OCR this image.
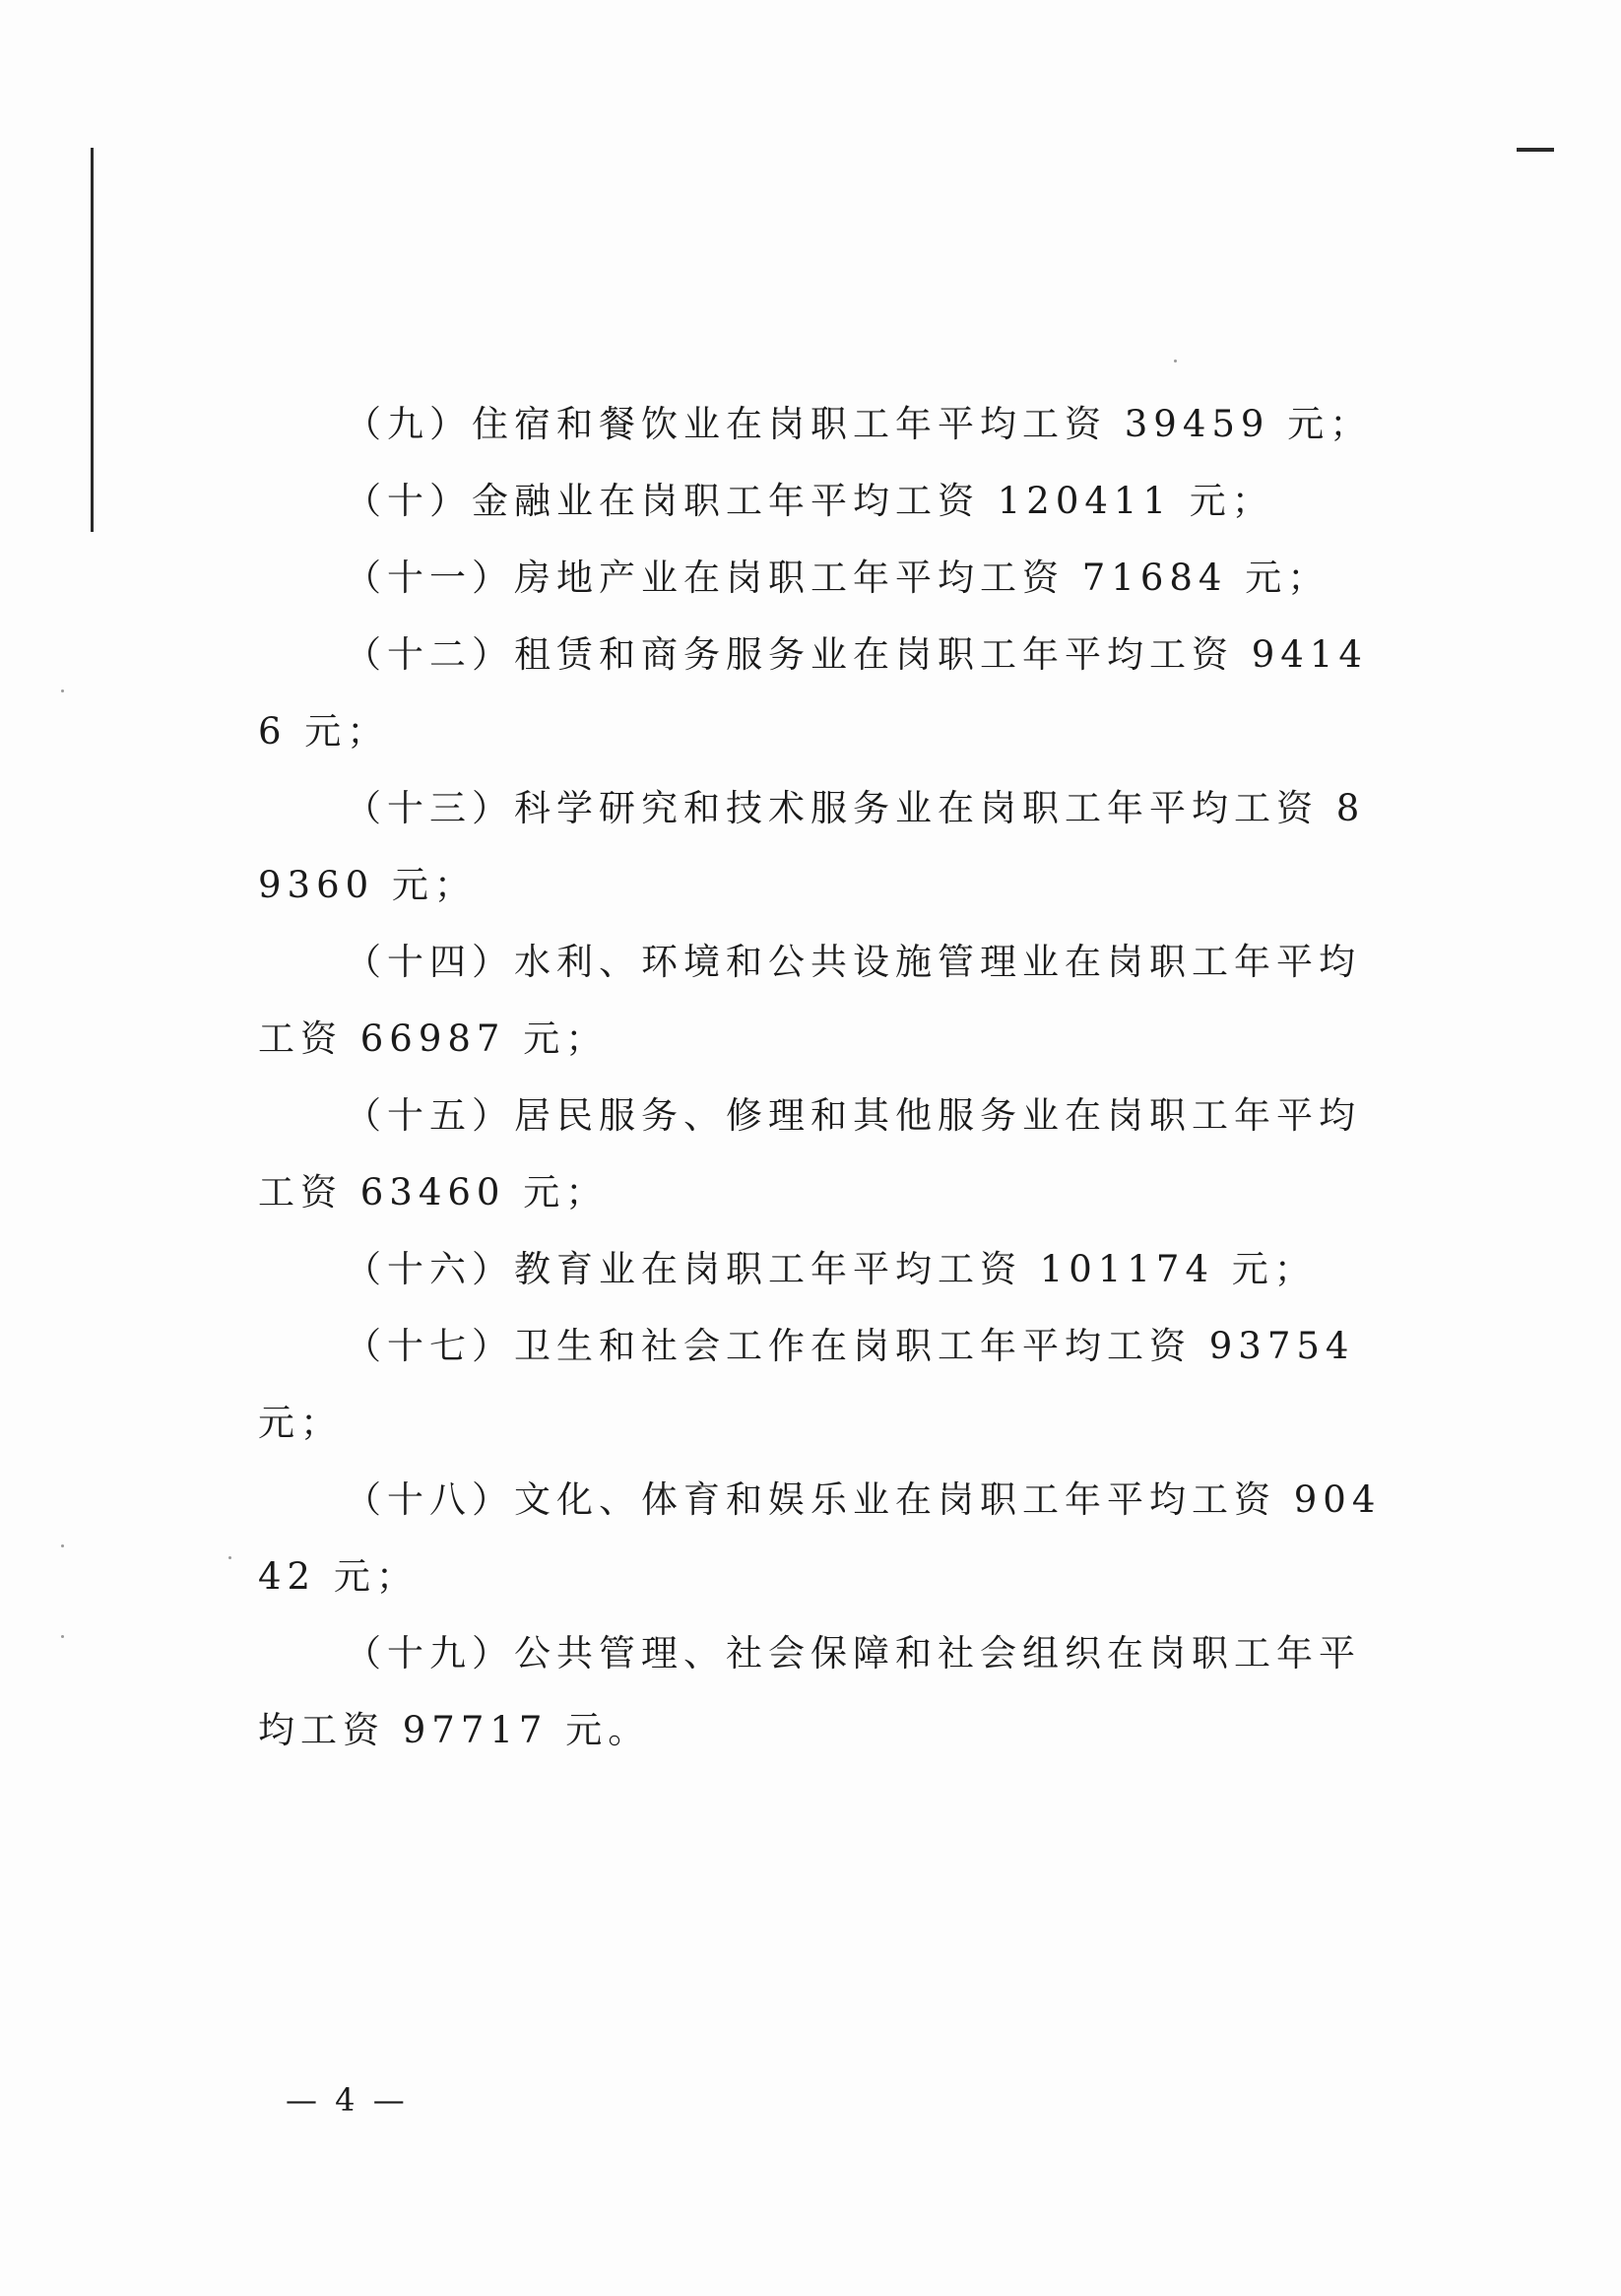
（九）住宿和餐饮业在岗职工年平均工资 39459 元；

（十）金融业在岗职工年平均工资 120411 元；

（十一）房地产业在岗职工年平均工资 71684 元；

（十二）租赁和商务服务业在岗职工年平均工资 94146 元；

（十三）科学研究和技术服务业在岗职工年平均工资 89360 元；

（十四）水利、环境和公共设施管理业在岗职工年平均工资 66987 元；

（十五）居民服务、修理和其他服务业在岗职工年平均工资 63460 元；

（十六）教育业在岗职工年平均工资 101174 元；

（十七）卫生和社会工作在岗职工年平均工资 93754 元；

（十八）文化、体育和娱乐业在岗职工年平均工资 90442 元；

（十九）公共管理、社会保障和社会组织在岗职工年平均工资 97717 元。

— 4 —
